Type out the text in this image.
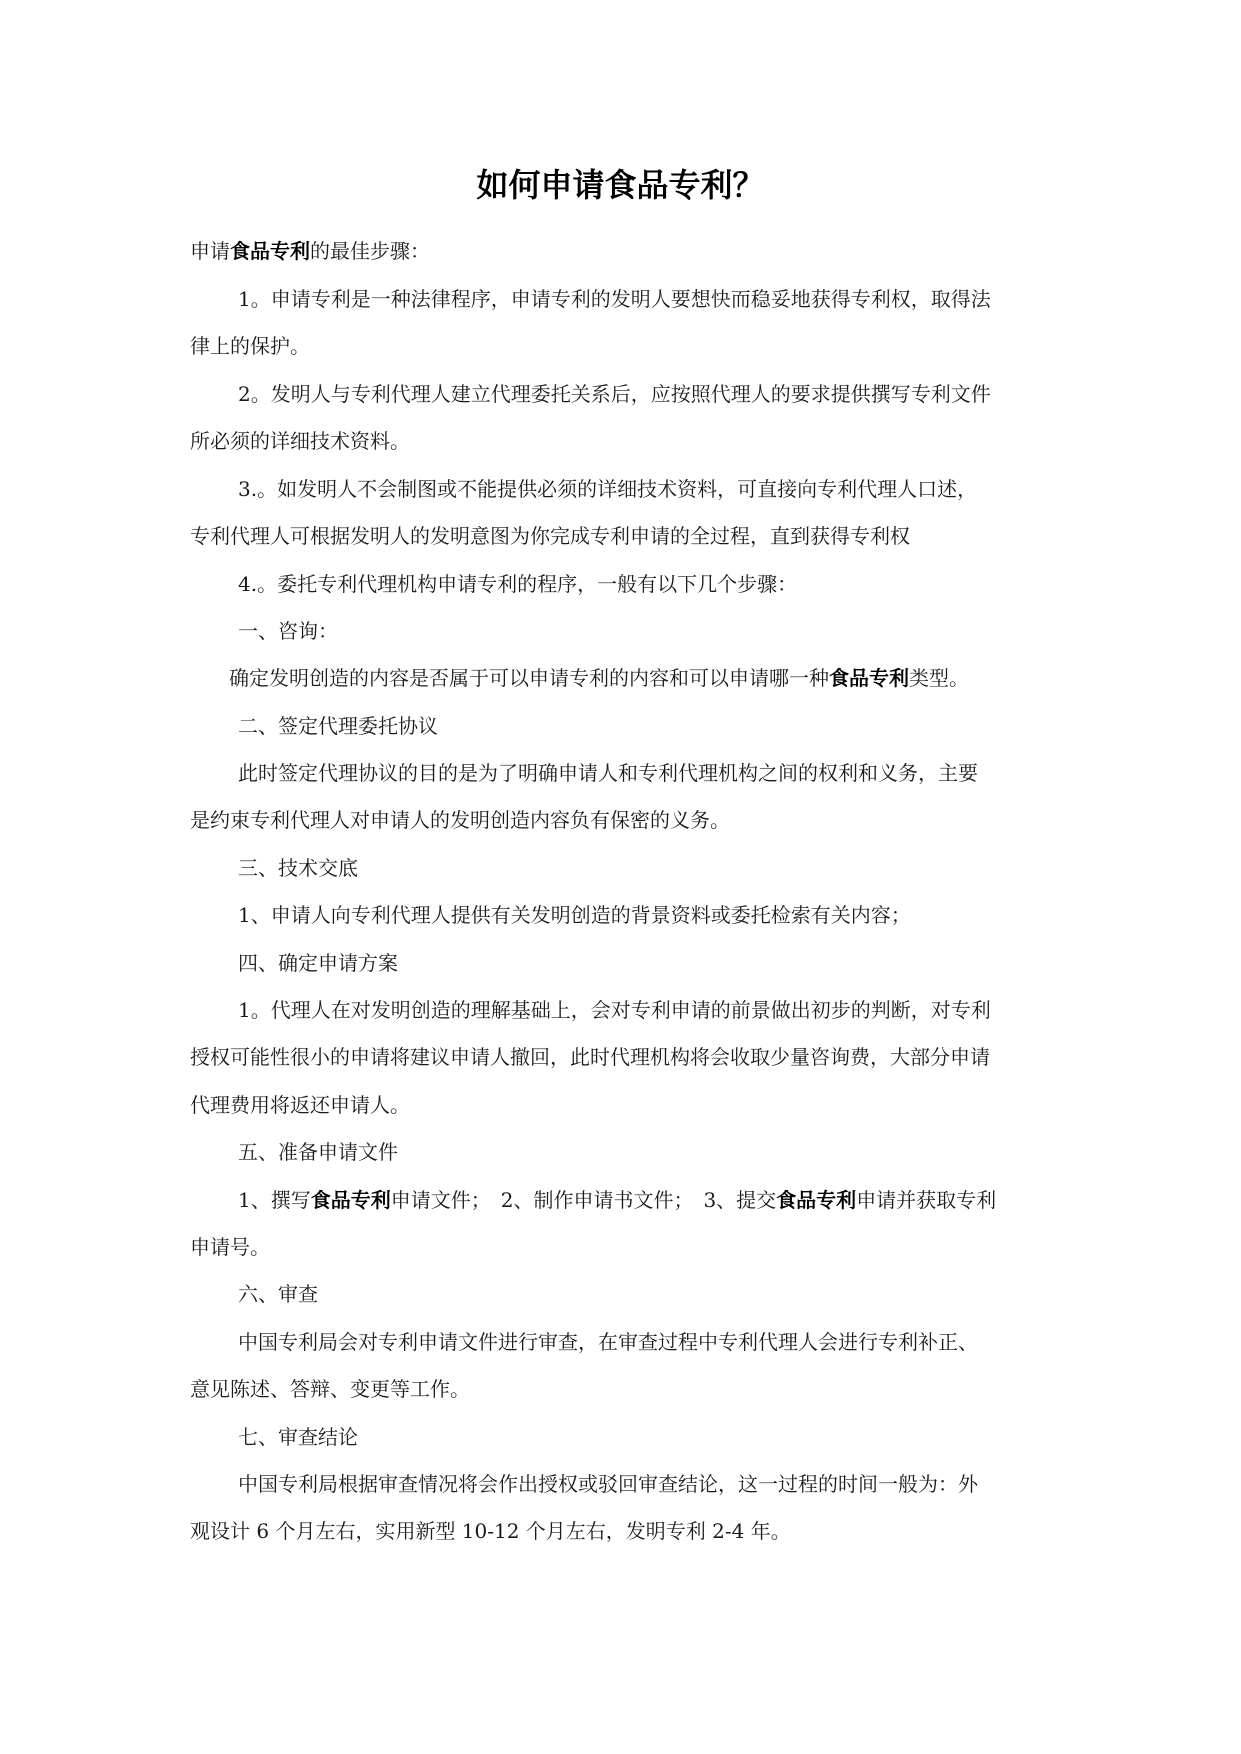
如何申请食品专利？

申请食品专利的最佳步骤：

1。申请专利是一种法律程序，申请专利的发明人要想快而稳妥地获得专利权，取得法

律上的保护。

2。发明人与专利代理人建立代理委托关系后，应按照代理人的要求提供撰写专利文件

所必须的详细技术资料。

3.。如发明人不会制图或不能提供必须的详细技术资料，可直接向专利代理人口述，

专利代理人可根据发明人的发明意图为你完成专利申请的全过程，直到获得专利权

4.。委托专利代理机构申请专利的程序，一般有以下几个步骤：

一、咨询：

确定发明创造的内容是否属于可以申请专利的内容和可以申请哪一种食品专利类型。

二、签定代理委托协议

此时签定代理协议的目的是为了明确申请人和专利代理机构之间的权利和义务，主要

是约束专利代理人对申请人的发明创造内容负有保密的义务。

三、技术交底

1、申请人向专利代理人提供有关发明创造的背景资料或委托检索有关内容；

四、确定申请方案

1。代理人在对发明创造的理解基础上，会对专利申请的前景做出初步的判断，对专利

授权可能性很小的申请将建议申请人撤回，此时代理机构将会收取少量咨询费，大部分申请

代理费用将返还申请人。

五、准备申请文件

1、撰写食品专利申请文件；　2、制作申请书文件；　3、提交食品专利申请并获取专利

申请号。

六、审查

中国专利局会对专利申请文件进行审查，在审查过程中专利代理人会进行专利补正、

意见陈述、答辩、变更等工作。

七、审查结论

中国专利局根据审查情况将会作出授权或驳回审查结论，这一过程的时间一般为：外

观设计 6 个月左右，实用新型 10-12 个月左右，发明专利 2-4 年。
